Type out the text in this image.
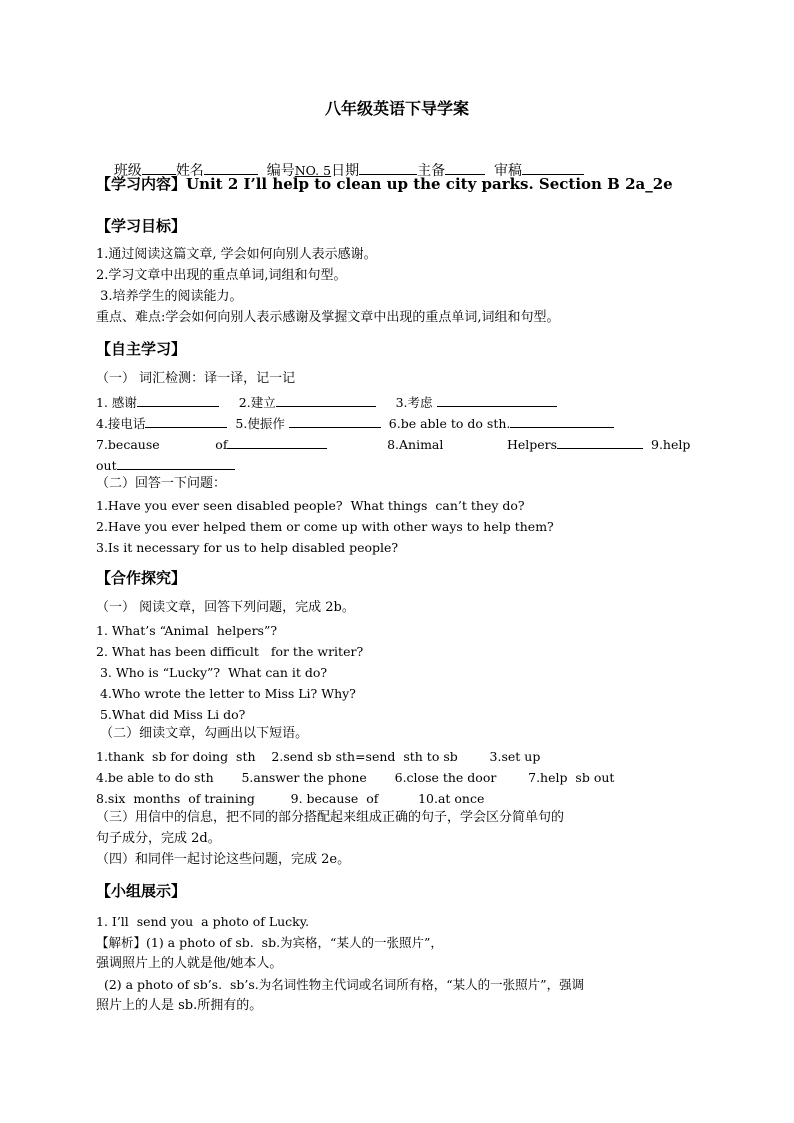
八年级英语下导学案

班级 姓名	编号NO. 5日期	主备	审稿

【学习内容】Unit 2 I’ll help to clean up the city parks. Section B 2a_2e
【学习目标】
1.通过阅读这篇文章, 学会如何向别人表示感谢。
2.学习文章中出现的重点单词,词组和句型。
3.培养学生的阅读能力。
重点、难点:学会如何向别人表示感谢及掌握文章中出现的重点单词,词组和句型。
【自主学习】
（一） 词汇检测：译一译，记一记
1. 感谢	2.建立	3.考虑
4.接电话	5.使振作	6.be able to do sth.
7.because	of	8.Animal	Helpers	9.help
out
（二）回答一下问题：
1.Have you ever seen disabled people?  What things  can’t they do?
2.Have you ever helped them or come up with other ways to help them?
3.Is it necessary for us to help disabled people?
【合作探究】
（一） 阅读文章，回答下列问题，完成 2b。
1. What’s “Animal  helpers”?
2. What has been difficult   for the writer?
3. Who is “Lucky”?  What can it do?
4.Who wrote the letter to Miss Li? Why?
5.What did Miss Li do?
（二）细读文章，勾画出以下短语。
1.thank  sb for doing  sth    2.send sb sth=send  sth to sb        3.set up
4.be able to do sth       5.answer the phone       6.close the door        7.help  sb out
8.six  months  of training         9. because  of          10.at once
（三）用信中的信息，把不同的部分搭配起来组成正确的句子，学会区分简单句的
句子成分，完成 2d。
（四）和同伴一起讨论这些问题，完成 2e。
【小组展示】
1. I’ll  send you  a photo of Lucky.
【解析】(1) a photo of sb.  sb.为宾格，“某人的一张照片”，
强调照片上的人就是他/她本人。
(2) a photo of sb’s.  sb’s.为名词性物主代词或名词所有格，“某人的一张照片”，强调
照片上的人是 sb.所拥有的。
